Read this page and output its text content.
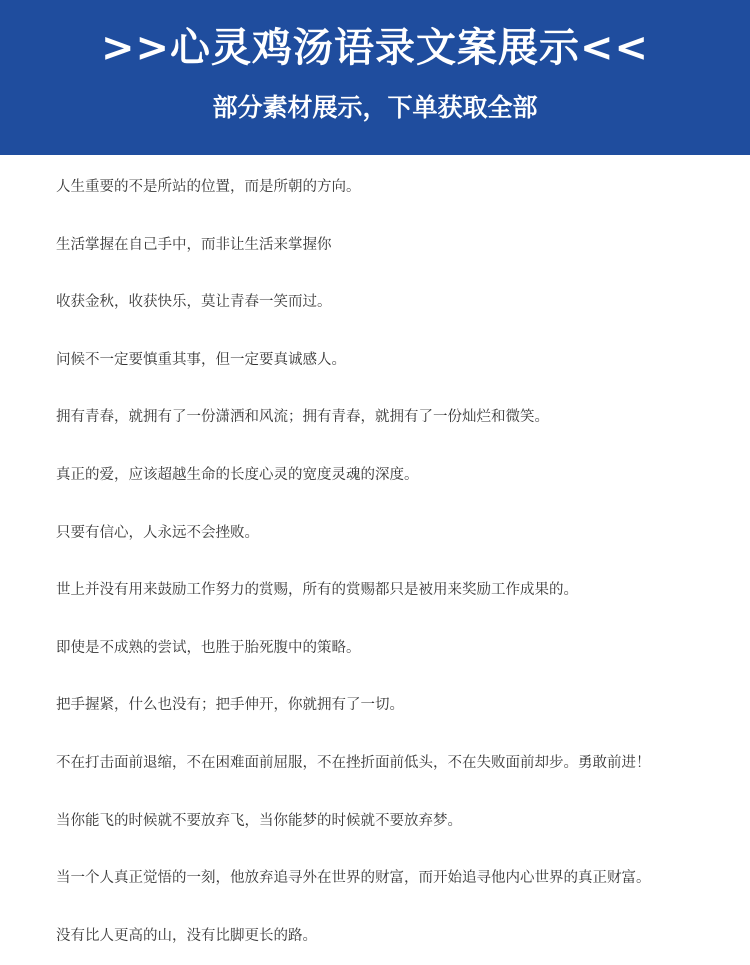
>>心灵鸡汤语录文案展示<<
部分素材展示，下单获取全部
人生重要的不是所站的位置，而是所朝的方向。
生活掌握在自己手中，而非让生活来掌握你
收获金秋，收获快乐，莫让青春一笑而过。
问候不一定要慎重其事，但一定要真诚感人。
拥有青春，就拥有了一份潇洒和风流；拥有青春，就拥有了一份灿烂和微笑。
真正的爱，应该超越生命的长度心灵的宽度灵魂的深度。
只要有信心，人永远不会挫败。
世上并没有用来鼓励工作努力的赏赐，所有的赏赐都只是被用来奖励工作成果的。
即使是不成熟的尝试，也胜于胎死腹中的策略。
把手握紧，什么也没有；把手伸开，你就拥有了一切。
不在打击面前退缩，不在困难面前屈服，不在挫折面前低头，不在失败面前却步。勇敢前进！
当你能飞的时候就不要放弃飞，当你能梦的时候就不要放弃梦。
当一个人真正觉悟的一刻，他放弃追寻外在世界的财富，而开始追寻他内心世界的真正财富。
没有比人更高的山，没有比脚更长的路。
